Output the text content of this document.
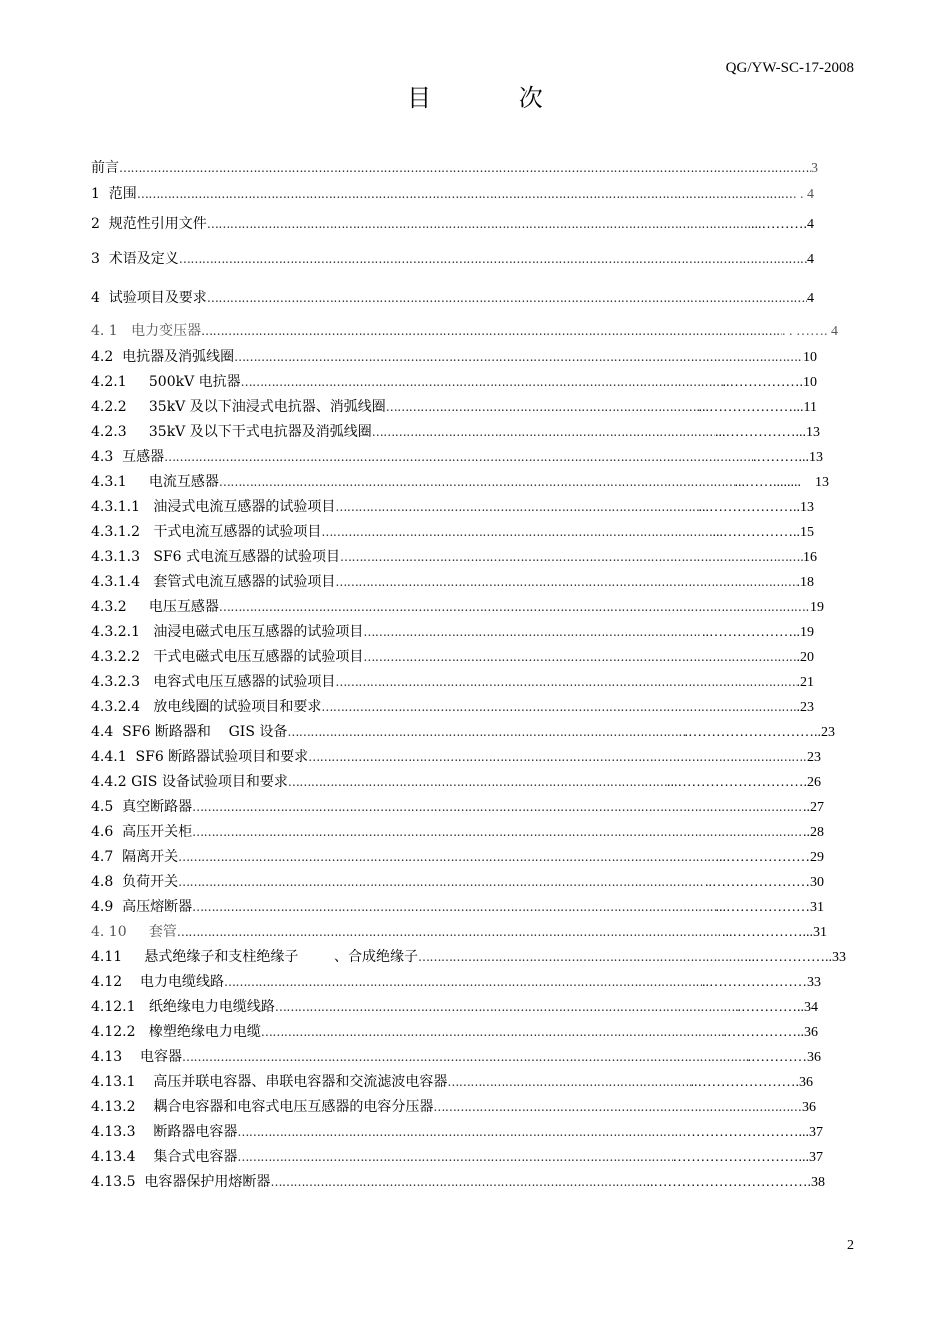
QG/YW-SC-17-2008
目 次
前言 …………………………………………………………………………………………………………………………………………………………………………………………………	3
1  范围 …………………………………………………………………………………………………………………………………………………………………………………………………	. . 4
2  规范性引用文件 …………………………………………………………………………………………………………………………………………………………………………………………………	...……….4
3  术语及定义 …………………………………………………………………………………………………………………………………………………………………………………………………	4
4  试验项目及要求 …………………………………………………………………………………………………………………………………………………………………………………………………	4
4. 1   电力变压器 …………………………………………………………………………………………………………………………………………………………………………………………………	. . ……. 4
4.2  电抗器及消弧线圈 …………………………………………………………………………………………………………………………………………………………………………………………………	10
4.2.1     500kV 电抗器 …………………………………………………………………………………………………………………………………………………………………………………………………	..…………….10
4.2.2     35kV 及以下油浸式电抗器、消弧线圈 …………………………………………………………………………………………………………………………………………………………………………………………………	...………………...11
4.2.3     35kV 及以下干式电抗器及消弧线圈 …………………………………………………………………………………………………………………………………………………………………………………………………	...……………...13
4.3  互感器 …………………………………………………………………………………………………………………………………………………………………………………………………	.………...13
4.3.1     电流互感器 …………………………………………………………………………………………………………………………………………………………………………………………………	...……........    13
4.3.1.1   油浸式电流互感器的试验项目 …………………………………………………………………………………………………………………………………………………………………………………………………	...………………..13
4.3.1.2   干式电流互感器的试验项目 …………………………………………………………………………………………………………………………………………………………………………………………………	...……………..15
4.3.1.3   SF6 式电流互感器的试验项目 …………………………………………………………………………………………………………………………………………………………………………………………………	16
4.3.1.4   套管式电流互感器的试验项目 …………………………………………………………………………………………………………………………………………………………………………………………………	.18
4.3.2     电压互感器 …………………………………………………………………………………………………………………………………………………………………………………………………	19
4.3.2.1   油浸电磁式电压互感器的试验项目 …………………………………………………………………………………………………………………………………………………………………………………………………	..………………..19
4.3.2.2   干式电磁式电压互感器的试验项目 …………………………………………………………………………………………………………………………………………………………………………………………………	.20
4.3.2.3   电容式电压互感器的试验项目 …………………………………………………………………………………………………………………………………………………………………………………………………	.21
4.3.2.4   放电线圈的试验项目和要求 …………………………………………………………………………………………………………………………………………………………………………………………………	.23
4.4  SF6 断路器和    GIS 设备 …………………………………………………………………………………………………………………………………………………………………………………………………	.………………………..23
4.4.1  SF6 断路器试验项目和要求 …………………………………………………………………………………………………………………………………………………………………………………………………	23
4.4.2 GIS 设备试验项目和要求 …………………………………………………………………………………………………………………………………………………………………………………………………	...……………………….26
4.5  真空断路器 …………………………………………………………………………………………………………………………………………………………………………………………………	..27
4.6  高压开关柜 …………………………………………………………………………………………………………………………………………………………………………………………………	..28
4.7  隔离开关 …………………………………………………………………………………………………………………………………………………………………………………………………	...………………29
4.8  负荷开关 …………………………………………………………………………………………………………………………………………………………………………………………………	..…………………30
4.9  高压熔断器 …………………………………………………………………………………………………………………………………………………………………………………………………	...………………31
4. 10     套管 …………………………………………………………………………………………………………………………………………………………………………………………………	...……………...31
4.11     悬式绝缘子和支柱绝缘子        、合成绝缘子 …………………………………………………………………………………………………………………………………………………………………………………………………	...……………..33
4.12    电力电缆线路 …………………………………………………………………………………………………………………………………………………………………………………………………	..…………………33
4.12.1   纸绝缘电力电缆线路 …………………………………………………………………………………………………………………………………………………………………………………………………	.…………..34
4.12.2   橡塑绝缘电力电缆 …………………………………………………………………………………………………………………………………………………………………………………………………	.……………..36
4.13    电容器 …………………………………………………………………………………………………………………………………………………………………………………………………	.…………36
4.13.1    高压并联电容器、串联电容器和交流滤波电容器 …………………………………………………………………………………………………………………………………………………………………………………………………	..………………….36
4.13.2    耦合电容器和电容式电压互感器的电容分压器 …………………………………………………………………………………………………………………………………………………………………………………………………	36
4.13.3    断路器电容器 …………………………………………………………………………………………………………………………………………………………………………………………………	……………………...37
4.13.4    集合式电容器 …………………………………………………………………………………………………………………………………………………………………………………………………	………………………...37
4.13.5  电容器保护用熔断器 …………………………………………………………………………………………………………………………………………………………………………………………………	..…………………………….38
2
